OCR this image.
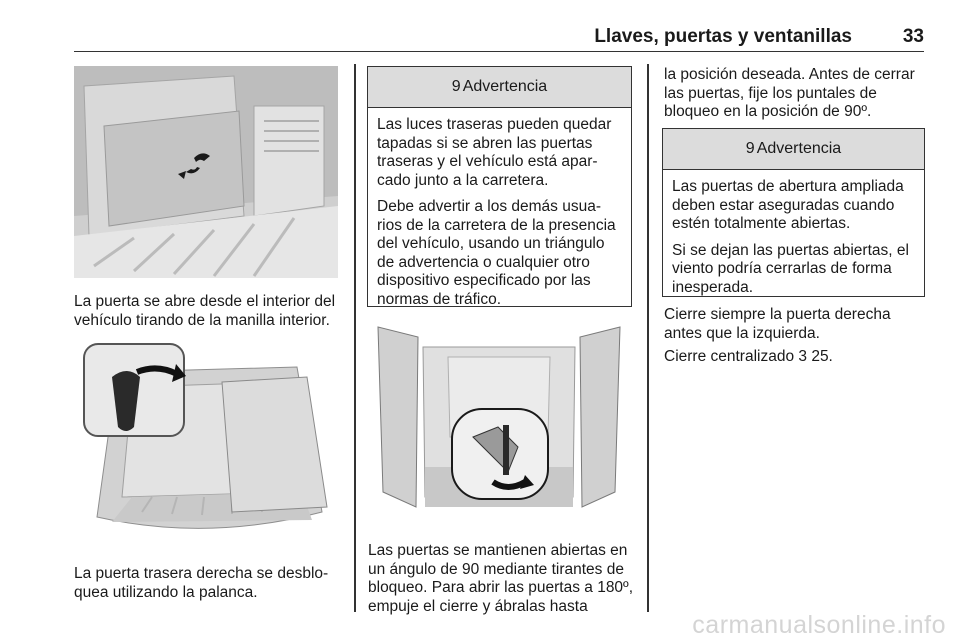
Llaves, puertas y ventanillas	33

La puerta se abre desde el interior del vehículo tirando de la manilla interior.

La puerta trasera derecha se desblo-quea utilizando la palanca.

9 Advertencia

Las luces traseras pueden quedar tapadas si se abren las puertas traseras y el vehículo está apar-cado junto a la carretera.

Debe advertir a los demás usua-rios de la carretera de la presencia del vehículo, usando un triángulo de advertencia o cualquier otro dispositivo especificado por las normas de tráfico.

Las puertas se mantienen abiertas en un ángulo de 90 mediante tirantes de bloqueo. Para abrir las puertas a 180º, empuje el cierre y ábralas hasta

la posición deseada. Antes de cerrar las puertas, fije los puntales de bloqueo en la posición de 90º.

9 Advertencia

Las puertas de abertura ampliada deben estar aseguradas cuando estén totalmente abiertas.

Si se dejan las puertas abiertas, el viento podría cerrarlas de forma inesperada.

Cierre siempre la puerta derecha antes que la izquierda.

Cierre centralizado 3 25.

carmanualsonline.info
